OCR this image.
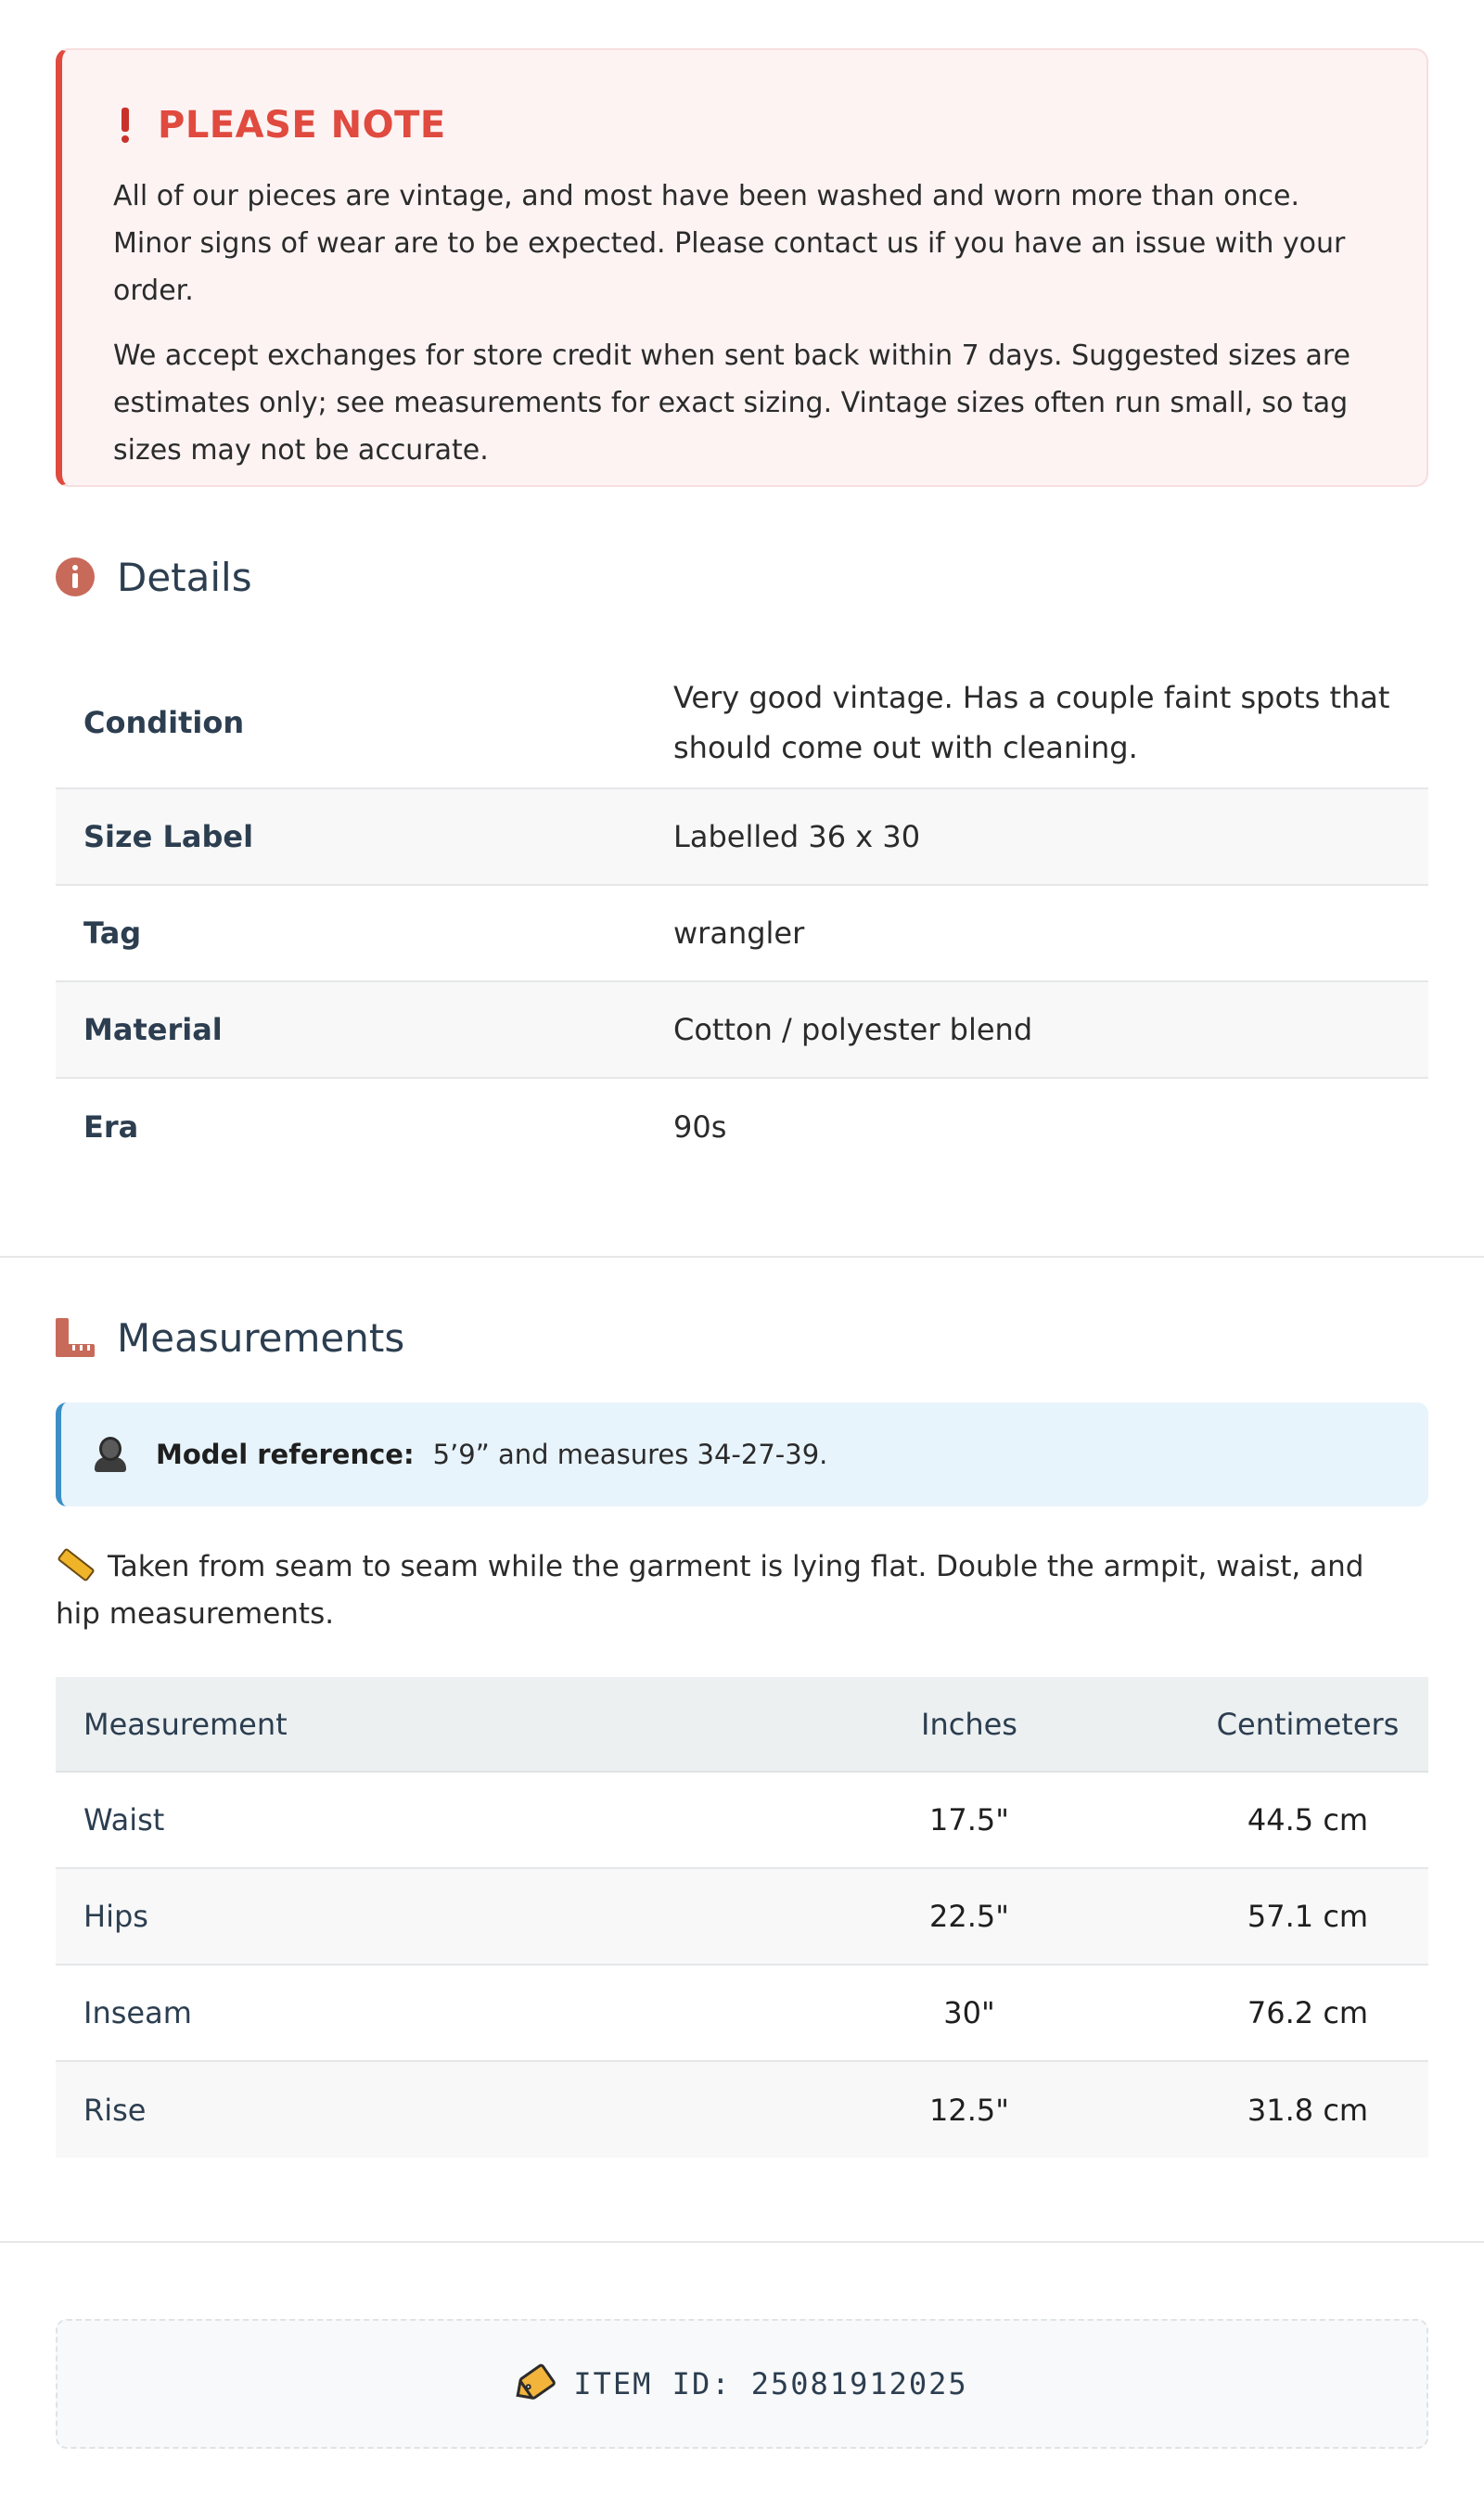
PLEASE NOTE

All of our pieces are vintage, and most have been washed and worn more than once. Minor signs of wear are to be expected. Please contact us if you have an issue with your order.

We accept exchanges for store credit when sent back within 7 days. Suggested sizes are estimates only; see measurements for exact sizing. Vintage sizes often run small, so tag sizes may not be accurate.

Details
Condition	Very good vintage. Has a couple faint spots that should come out with cleaning.
Size Label	Labelled 36 x 30
Tag	wrangler
Material	Cotton / polyester blend
Era	90s
Measurements
Model reference: 5’9” and measures 34-27-39.
Taken from seam to seam while the garment is lying flat. Double the armpit, waist, and hip measurements.
Measurement	Inches	Centimeters
Waist	17.5"	44.5 cm
Hips	22.5"	57.1 cm
Inseam	30"	76.2 cm
Rise	12.5"	31.8 cm
ITEM ID: 25081912025
